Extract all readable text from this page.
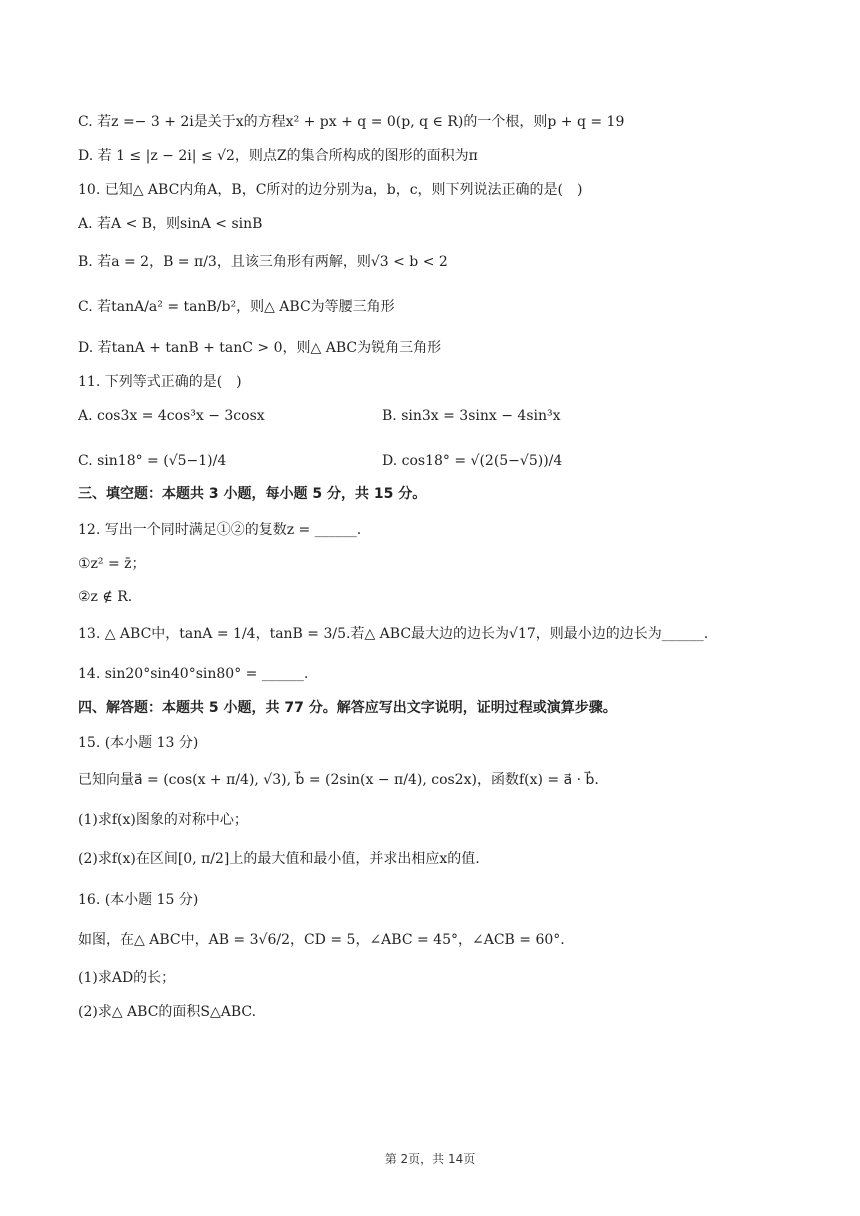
C. 若z =− 3 + 2i是关于x的方程x² + px + q = 0(p, q ∈ R)的一个根，则p + q = 19
D. 若 1 ≤ |z − 2i| ≤ √2，则点Z的集合所构成的图形的面积为π
10. 已知△ ABC内角A，B，C所对的边分别为a，b，c，则下列说法正确的是(　)
A. 若A < B，则sinA < sinB
B. 若a = 2，B = π/3，且该三角形有两解，则√3 < b < 2
C. 若tanA/a² = tanB/b²，则△ ABC为等腰三角形
D. 若tanA + tanB + tanC > 0，则△ ABC为锐角三角形
11. 下列等式正确的是(　)
A. cos3x = 4cos³x − 3cosx	B. sin3x = 3sinx − 4sin³x
C. sin18° = (√5−1)/4	D. cos18° = √(2(5−√5))/4
三、填空题：本题共 3 小题，每小题 5 分，共 15 分。
12. 写出一个同时满足①②的复数z = ______.
①z² = z̄；
②z ∉ R.
13. △ ABC中，tanA = 1/4，tanB = 3/5.若△ ABC最大边的边长为√17，则最小边的边长为______.
14. sin20°sin40°sin80° = ______.
四、解答题：本题共 5 小题，共 77 分。解答应写出文字说明，证明过程或演算步骤。
15. (本小题 13 分)
已知向量a⃗ = (cos(x + π/4), √3), b⃗ = (2sin(x − π/4), cos2x)，函数f(x) = a⃗ · b⃗.
(1)求f(x)图象的对称中心；
(2)求f(x)在区间[0, π/2]上的最大值和最小值，并求出相应x的值.
16. (本小题 15 分)
如图，在△ ABC中，AB = 3√6/2，CD = 5，∠ABC = 45°，∠ACB = 60°.
(1)求AD的长；
(2)求△ ABC的面积S△ABC.
第 2页，共 14页
